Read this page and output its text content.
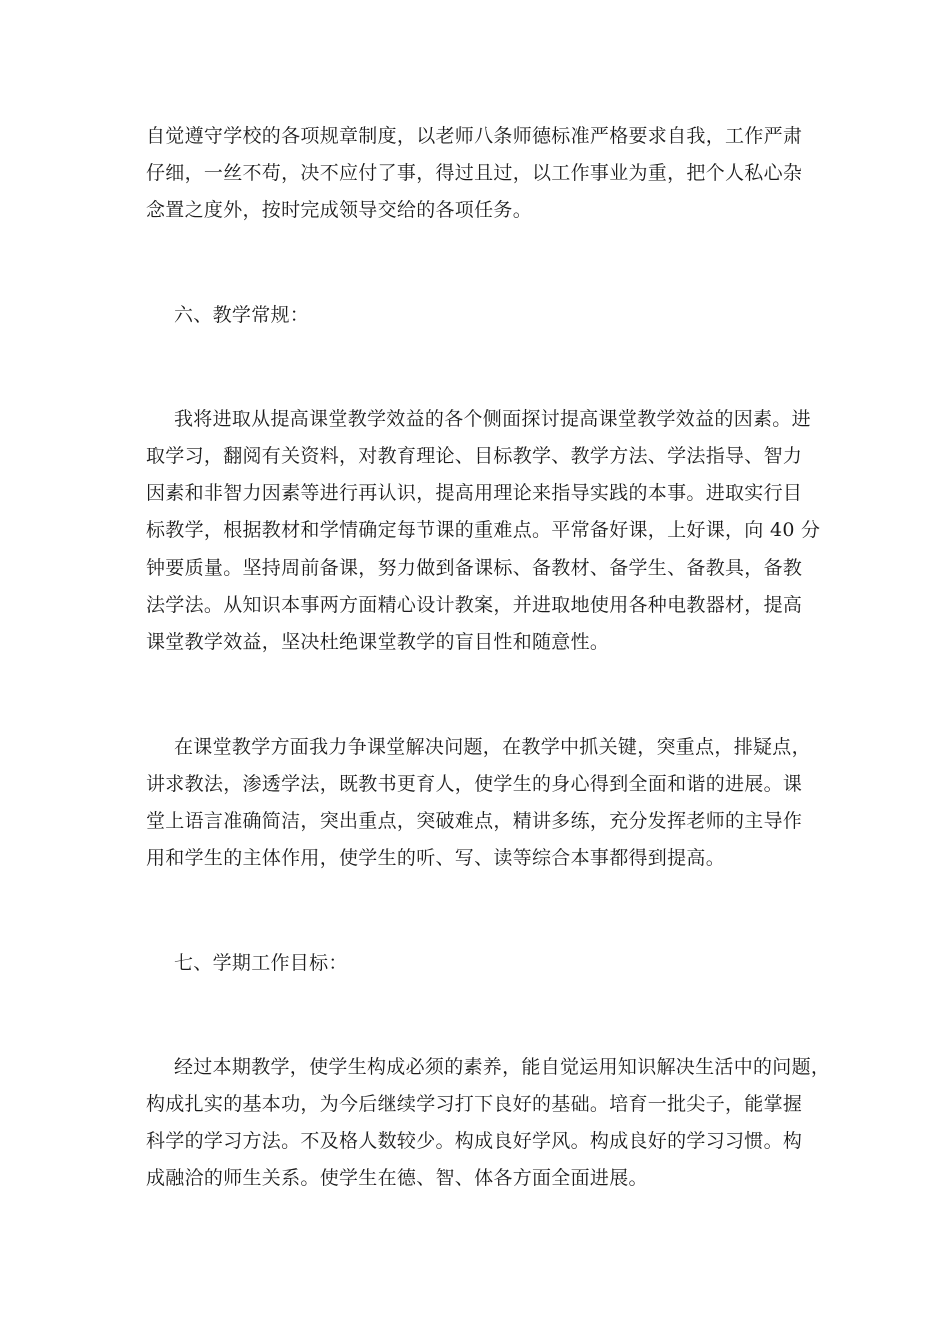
自觉遵守学校的各项规章制度，以老师八条师德标准严格要求自我，工作严肃
仔细，一丝不苟，决不应付了事，得过且过，以工作事业为重，把个人私心杂
念置之度外，按时完成领导交给的各项任务。
六、教学常规：
我将进取从提高课堂教学效益的各个侧面探讨提高课堂教学效益的因素。进
取学习，翻阅有关资料，对教育理论、目标教学、教学方法、学法指导、智力
因素和非智力因素等进行再认识，提高用理论来指导实践的本事。进取实行目
标教学，根据教材和学情确定每节课的重难点。平常备好课，上好课，向 40 分
钟要质量。坚持周前备课，努力做到备课标、备教材、备学生、备教具，备教
法学法。从知识本事两方面精心设计教案，并进取地使用各种电教器材，提高
课堂教学效益，坚决杜绝课堂教学的盲目性和随意性。
在课堂教学方面我力争课堂解决问题，在教学中抓关键，突重点，排疑点，
讲求教法，渗透学法，既教书更育人，使学生的身心得到全面和谐的进展。课
堂上语言准确简洁，突出重点，突破难点，精讲多练，充分发挥老师的主导作
用和学生的主体作用，使学生的听、写、读等综合本事都得到提高。
七、学期工作目标：
经过本期教学，使学生构成必须的素养，能自觉运用知识解决生活中的问题，
构成扎实的基本功，为今后继续学习打下良好的基础。培育一批尖子，能掌握
科学的学习方法。不及格人数较少。构成良好学风。构成良好的学习习惯。构
成融洽的师生关系。使学生在德、智、体各方面全面进展。
